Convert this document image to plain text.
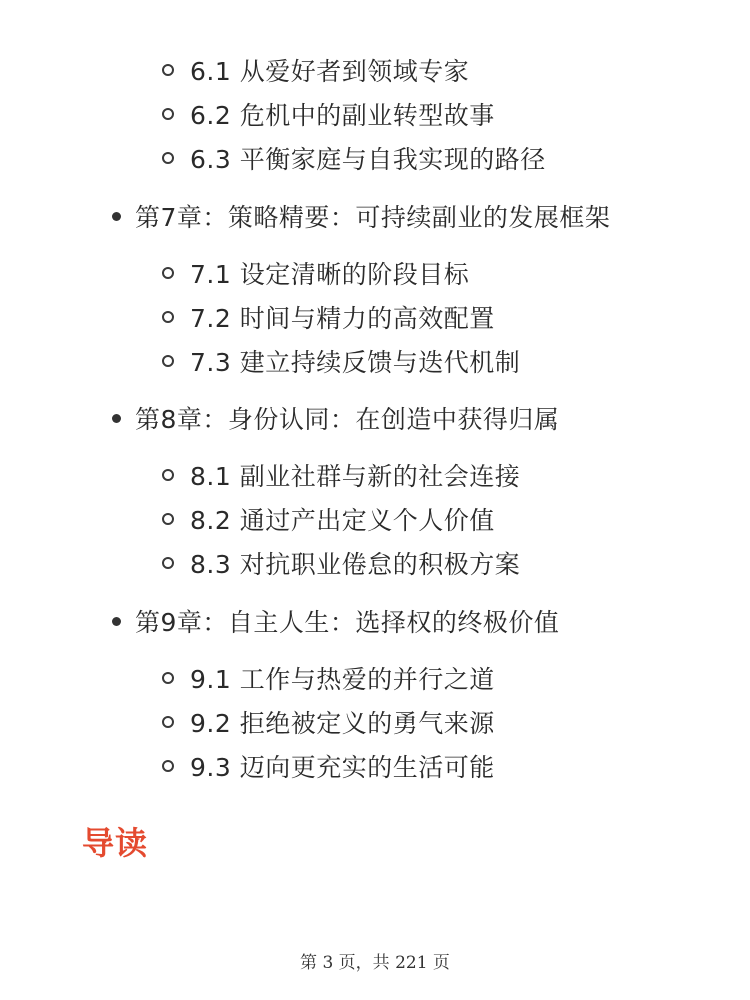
6.1 从爱好者到领域专家
6.2 危机中的副业转型故事
6.3 平衡家庭与自我实现的路径
第7章：策略精要：可持续副业的发展框架
7.1 设定清晰的阶段目标
7.2 时间与精力的高效配置
7.3 建立持续反馈与迭代机制
第8章：身份认同：在创造中获得归属
8.1 副业社群与新的社会连接
8.2 通过产出定义个人价值
8.3 对抗职业倦怠的积极方案
第9章：自主人生：选择权的终极价值
9.1 工作与热爱的并行之道
9.2 拒绝被定义的勇气来源
9.3 迈向更充实的生活可能
导读
第 3 页，共 221 页
